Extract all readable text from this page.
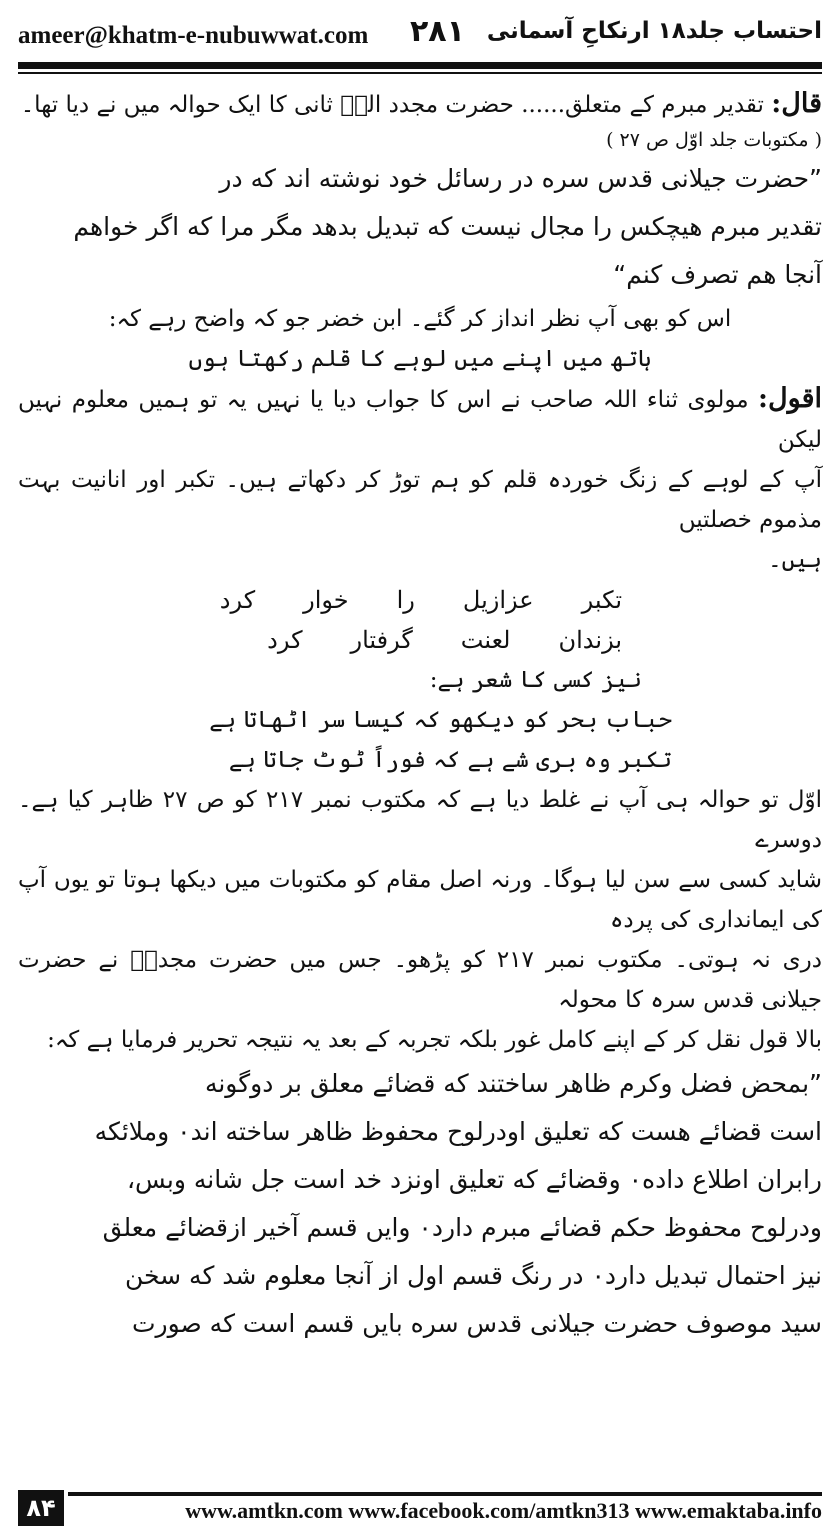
ameer@khatm-e-nubuwwat.com ۲۸۱ احتساب جلد۱۸ ارنکاحِ آسمانی

قال: تقدیر مبرم کے متعلق...... حضرت مجدد الفؒ ثانی کا ایک حوالہ میں نے دیا تھا۔

( مکتوبات جلد اوّل ص ۲۷ )

”حضرت جیلانی قدس سره در رسائل خود نوشته اند که در

تقدیر مبرم هیچکس را مجال نیست که تبدیل بدهد مگر مرا که اگر خواهم

آنجا هم تصرف کنم“

اس کو بھی آپ نظر انداز کر گئے۔ ابن خضر جو کہ واضح رہے کہ:

ہاتھ میں اپنے میں لوہے کا قلم رکھتا ہوں

اقول: مولوی ثناء اللہ صاحب نے اس کا جواب دیا یا نہیں یہ تو ہمیں معلوم نہیں لیکن

آپ کے لوہے کے زنگ خوردہ قلم کو ہم توڑ کر دکھاتے ہیں۔ تکبر اور انانیت بہت مذموم خصلتیں

ہیں۔

تکبر
عزازیل
را
خوار
کرد
بزندان
لعنت
گرفتار
کرد

نیز کسی کا شعر ہے:

حباب بحر کو دیکھو کہ کیسا سر اٹھاتا ہے

تکبر وہ بری شے ہے کہ فوراً ٹوٹ جاتا ہے

اوّل تو حوالہ ہی آپ نے غلط دیا ہے کہ مکتوب نمبر ۲۱۷ کو ص ۲۷ ظاہر کیا ہے۔ دوسرے

شاید کسی سے سن لیا ہوگا۔ ورنہ اصل مقام کو مکتوبات میں دیکھا ہوتا تو یوں آپ کی ایمانداری کی پردہ

دری نہ ہوتی۔ مکتوب نمبر ۲۱۷ کو پڑھو۔ جس میں حضرت مجددؒ نے حضرت جیلانی قدس سرہ کا محولہ

بالا قول نقل کر کے اپنے کامل غور بلکہ تجربہ کے بعد یہ نتیجہ تحریر فرمایا ہے کہ:

”بمحض فضل وکرم ظاهر ساختند که قضائے معلق بر دوگونه

است قضائے هست که تعلیق اودرلوح محفوظ ظاهر ساخته اند۰ وملائکه

رابران اطلاع داده۰ وقضائے که تعلیق اونزد خد است جل شانه وبس،

ودرلوح محفوظ حکم قضائے مبرم دارد۰ وایں قسم آخیر ازقضائے معلق

نیز احتمال تبدیل دارد۰ در رنگ قسم اول از آنجا معلوم شد که سخن

سید موصوف حضرت جیلانی قدس سره بایں قسم است که صورت

۸۴	www.amtkn.com www.facebook.com/amtkn313 www.emaktaba.info
